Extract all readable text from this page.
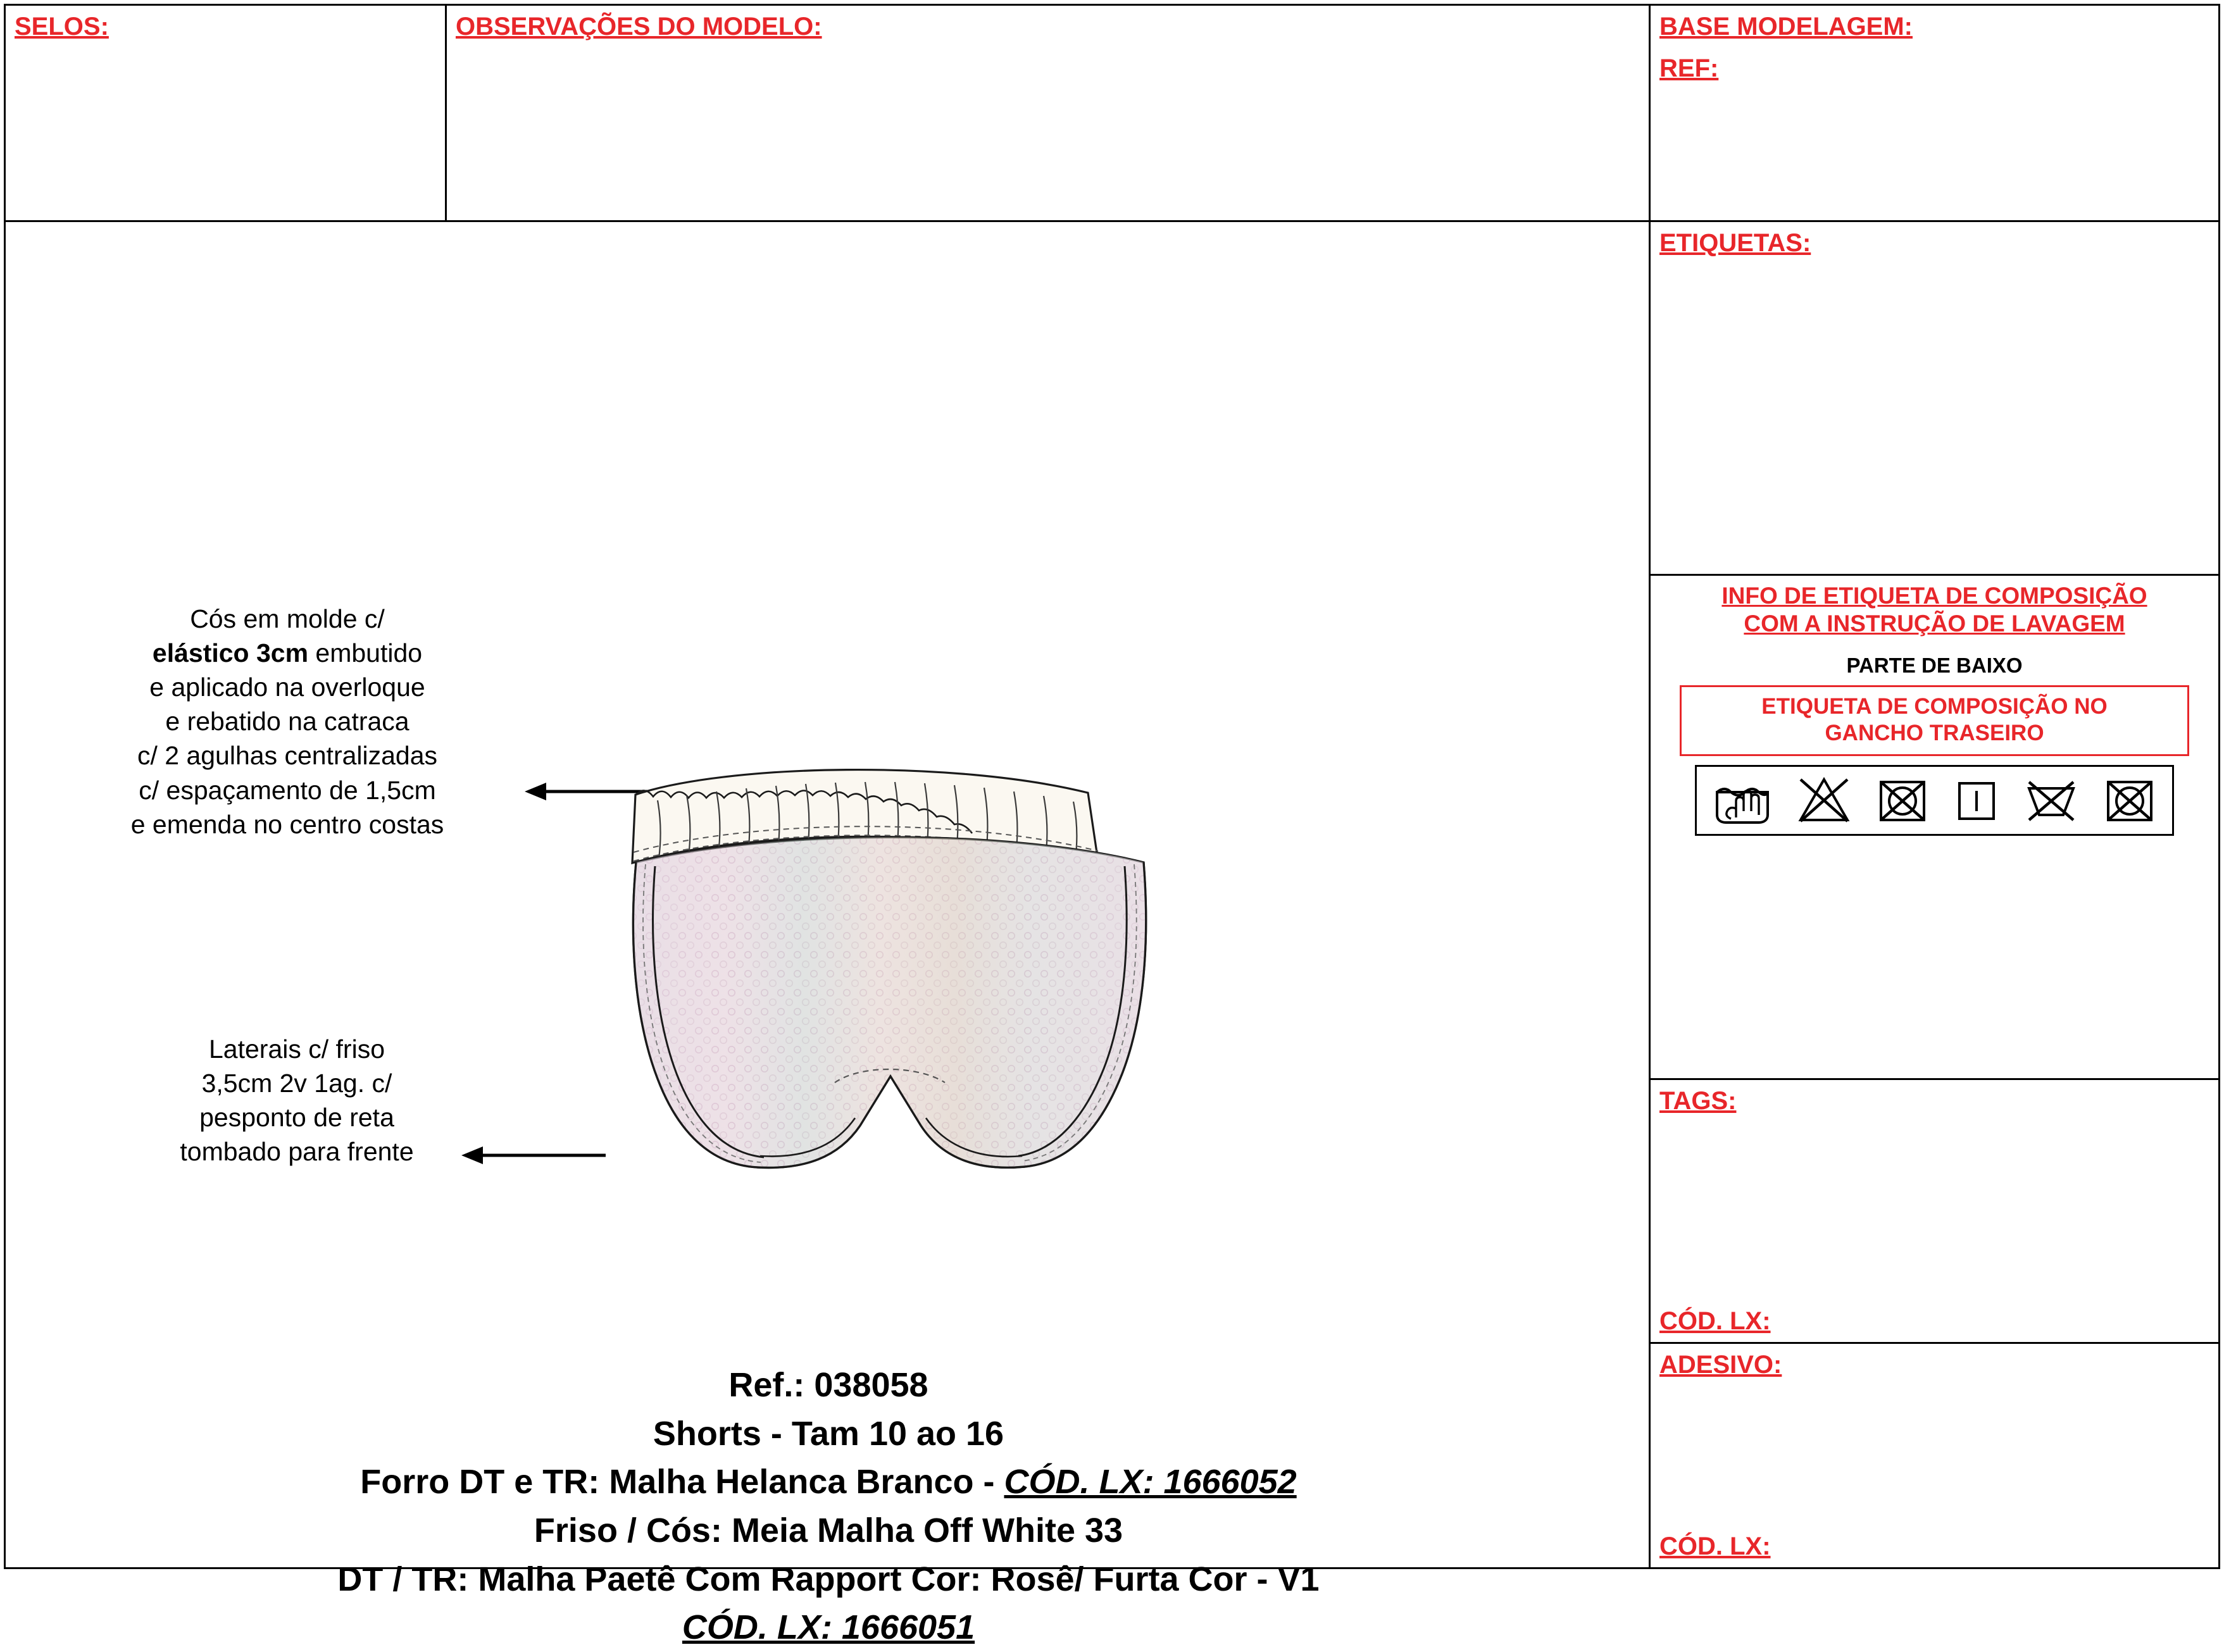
SELOS:	OBSERVAÇÕES DO MODELO:	BASE MODELAGEM:
REF:
Cós em molde c/
elástico 3cm embutido
e aplicado na overloque
e rebatido na catraca
c/ 2 agulhas centralizadas
c/ espaçamento de 1,5cm
e emenda no centro costas
Laterais c/ friso
3,5cm 2v 1ag. c/
pesponto de reta
tombado para frente
Ref.: 038058
Shorts - Tam 10 ao 16
Forro DT e TR: Malha Helanca Branco - CÓD. LX: 1666052
Friso / Cós: Meia Malha Off White 33
DT / TR: Malha Paetê Com Rapport Cor: Rosê/ Furta Cor - V1
CÓD. LX: 1666051
ETIQUETAS:
INFO DE ETIQUETA DE COMPOSIÇÃO
COM A INSTRUÇÃO DE LAVAGEM
PARTE DE BAIXO
ETIQUETA DE COMPOSIÇÃO NO
GANCHO TRASEIRO
TAGS:
CÓD. LX:
ADESIVO:
CÓD. LX:
